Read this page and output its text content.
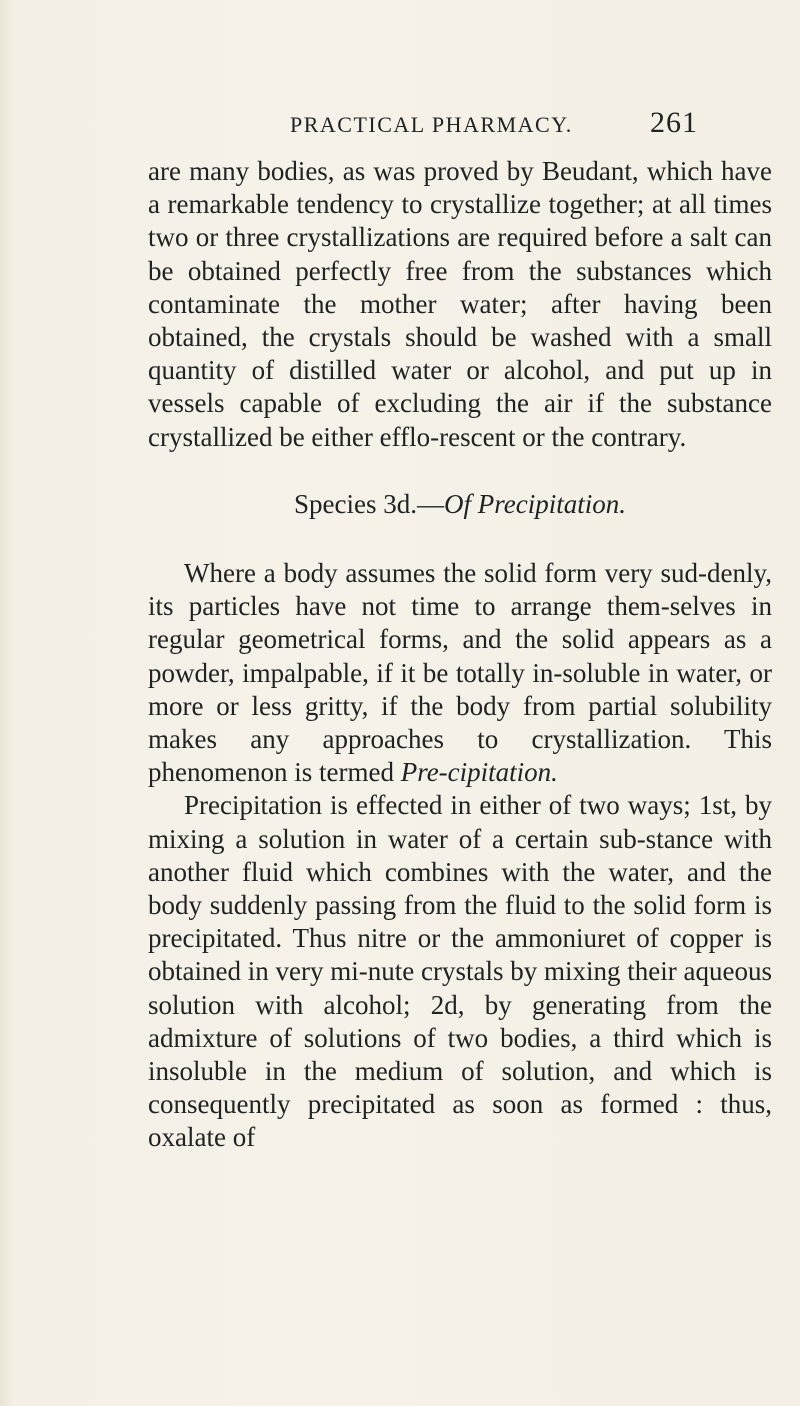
PRACTICAL PHARMACY.	261

are many bodies, as was proved by Beudant, which have a remarkable tendency to crystallize together; at all times two or three crystallizations are required before a salt can be obtained perfectly free from the substances which contaminate the mother water; after having been obtained, the crystals should be washed with a small quantity of distilled water or alcohol, and put up in vessels capable of excluding the air if the substance crystallized be either efflo-rescent or the contrary.

Species 3d.—Of Precipitation.

Where a body assumes the solid form very sud-denly, its particles have not time to arrange them-selves in regular geometrical forms, and the solid appears as a powder, impalpable, if it be totally in-soluble in water, or more or less gritty, if the body from partial solubility makes any approaches to crystallization. This phenomenon is termed Pre-cipitation.

Precipitation is effected in either of two ways; 1st, by mixing a solution in water of a certain sub-stance with another fluid which combines with the water, and the body suddenly passing from the fluid to the solid form is precipitated. Thus nitre or the ammoniuret of copper is obtained in very mi-nute crystals by mixing their aqueous solution with alcohol; 2d, by generating from the admixture of solutions of two bodies, a third which is insoluble in the medium of solution, and which is consequently precipitated as soon as formed : thus, oxalate of
